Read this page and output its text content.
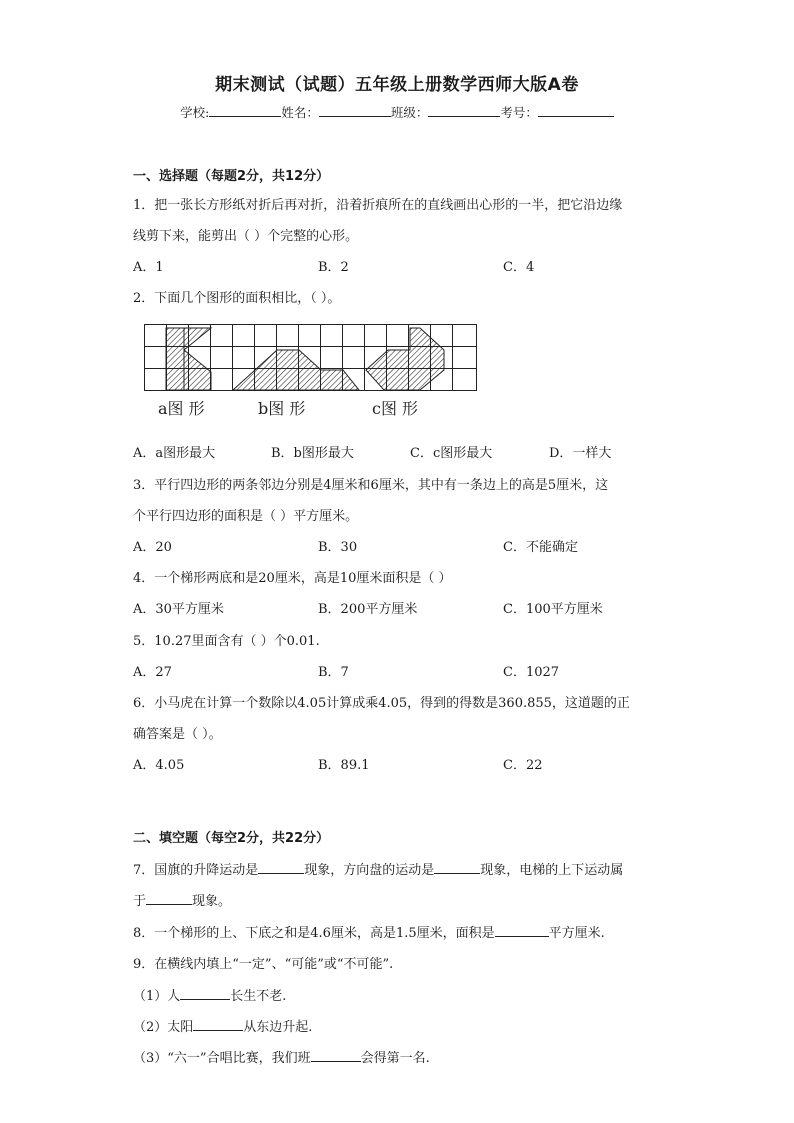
期末测试（试题）五年级上册数学西师大版A卷
学校:	姓名：	班级：	考号：
一、选择题（每题2分，共12分）
1．把一张长方形纸对折后再对折，沿着折痕所在的直线画出心形的一半，把它沿边缘
线剪下来，能剪出（ ）个完整的心形。
A．1	B．2	C．4
2．下面几个图形的面积相比，（ ）。
a图 形	b图 形	c图 形
A．a图形最大	B．b图形最大	C．c图形最大	D．一样大
3．平行四边形的两条邻边分别是4厘米和6厘米，其中有一条边上的高是5厘米，这
个平行四边形的面积是（ ）平方厘米。
A．20	B．30	C．不能确定
4．一个梯形两底和是20厘米，高是10厘米面积是（ ）
A．30平方厘米	B．200平方厘米	C．100平方厘米
5．10.27里面含有（ ）个0.01.
A．27	B．7	C．1027
6．小马虎在计算一个数除以4.05计算成乘4.05，得到的得数是360.855，这道题的正
确答案是（ ）。
A．4.05	B．89.1	C．22
二、填空题（每空2分，共22分）
7．国旗的升降运动是	现象，方向盘的运动是	现象，电梯的上下运动属
于	现象。
8．一个梯形的上、下底之和是4.6厘米，高是1.5厘米，面积是	平方厘米.
9．在横线内填上“一定”、“可能”或“不可能”.
（1）人	长生不老.
（2）太阳	从东边升起.
（3）“六一”合唱比赛，我们班	会得第一名.
